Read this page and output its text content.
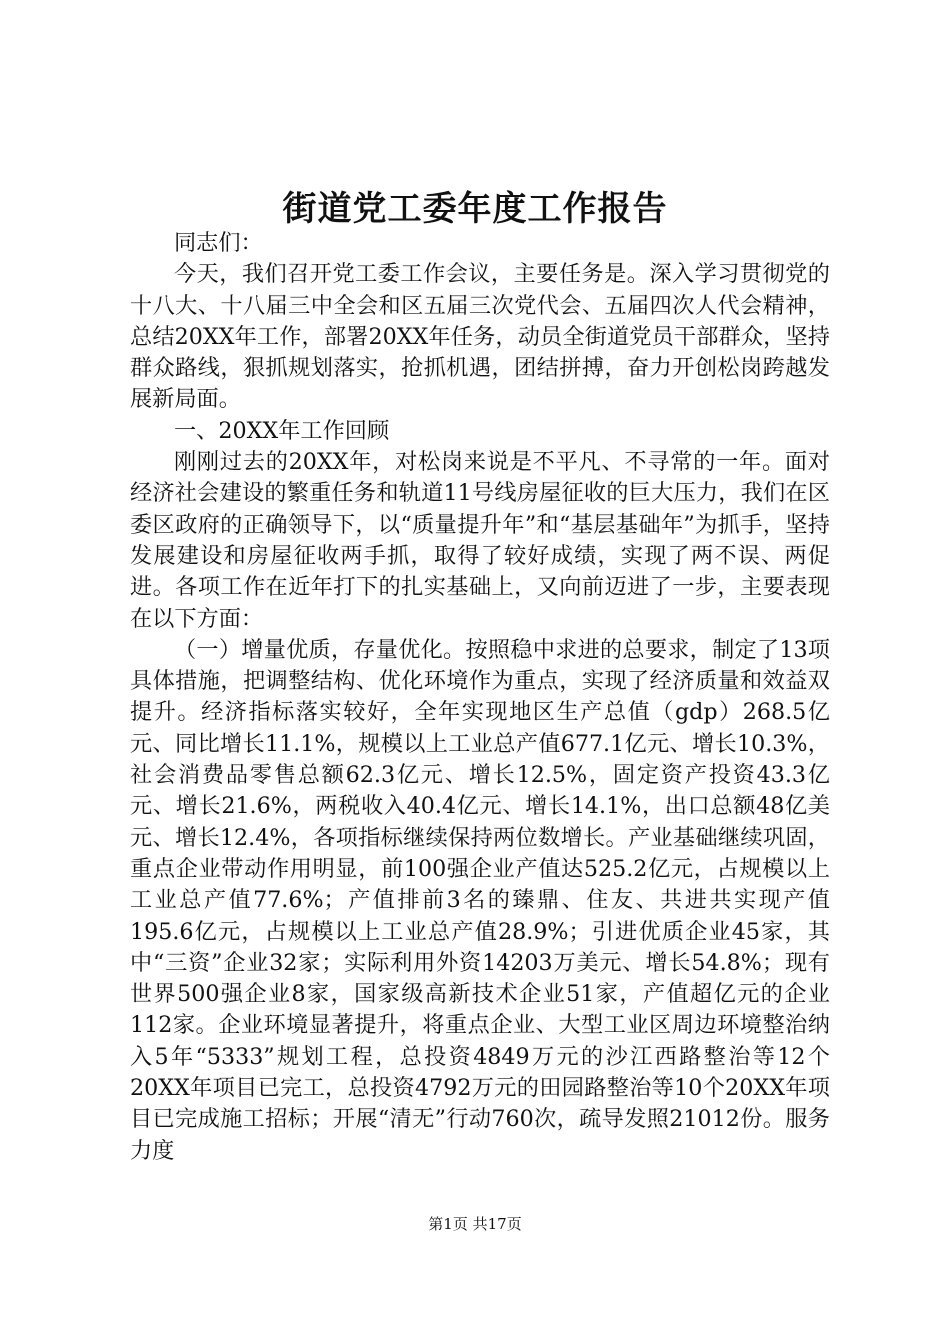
街道党工委年度工作报告

同志们：

今天，我们召开党工委工作会议，主要任务是。深入学习贯彻党的十八大、十八届三中全会和区五届三次党代会、五届四次人代会精神，总结20XX年工作，部署20XX年任务，动员全街道党员干部群众，坚持群众路线，狠抓规划落实，抢抓机遇，团结拼搏，奋力开创松岗跨越发展新局面。

一、20XX年工作回顾

刚刚过去的20XX年，对松岗来说是不平凡、不寻常的一年。面对经济社会建设的繁重任务和轨道11号线房屋征收的巨大压力，我们在区委区政府的正确领导下，以“质量提升年”和“基层基础年”为抓手，坚持发展建设和房屋征收两手抓，取得了较好成绩，实现了两不误、两促进。各项工作在近年打下的扎实基础上，又向前迈进了一步，主要表现在以下方面：

（一）增量优质，存量优化。按照稳中求进的总要求，制定了13项具体措施，把调整结构、优化环境作为重点，实现了经济质量和效益双提升。经济指标落实较好，全年实现地区生产总值（gdp）268.5亿元、同比增长11.1%，规模以上工业总产值677.1亿元、增长10.3%，社会消费品零售总额62.3亿元、增长12.5%，固定资产投资43.3亿元、增长21.6%，两税收入40.4亿元、增长14.1%，出口总额48亿美元、增长12.4%，各项指标继续保持两位数增长。产业基础继续巩固，重点企业带动作用明显，前100强企业产值达525.2亿元，占规模以上工业总产值77.6%；产值排前3名的臻鼎、住友、共进共实现产值195.6亿元，占规模以上工业总产值28.9%；引进优质企业45家，其中“三资”企业32家；实际利用外资14203万美元、增长54.8%；现有世界500强企业8家，国家级高新技术企业51家，产值超亿元的企业112家。企业环境显著提升，将重点企业、大型工业区周边环境整治纳入5年“5333”规划工程，总投资4849万元的沙江西路整治等12个20XX年项目已完工，总投资4792万元的田园路整治等10个20XX年项目已完成施工招标；开展“清无”行动760次，疏导发照21012份。服务力度

第1页 共17页
